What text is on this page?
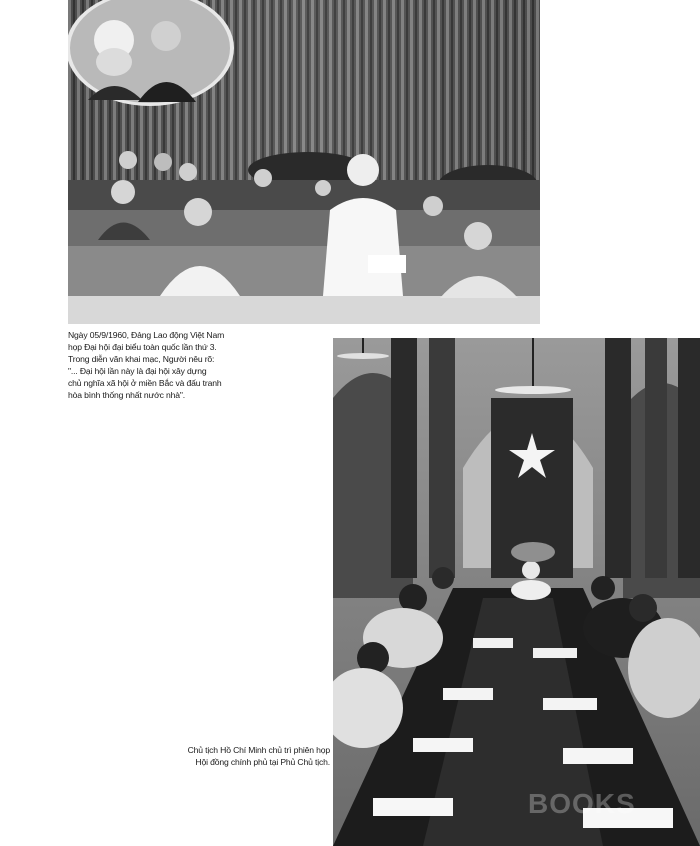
Ngày 05/9/1960, Đảng Lao động Việt Nam
họp Đại hội đại biểu toàn quốc lần thứ 3.
Trong diễn văn khai mạc, Người nêu rõ:
"... Đại hội lần này là đại hội xây dựng
chủ nghĩa xã hội ở miền Bắc và đấu tranh
hòa bình thống nhất nước nhà".
BOOKS
Chủ tịch Hồ Chí Minh chủ trì phiên họp
Hội đồng chính phủ tại Phủ Chủ tịch.
